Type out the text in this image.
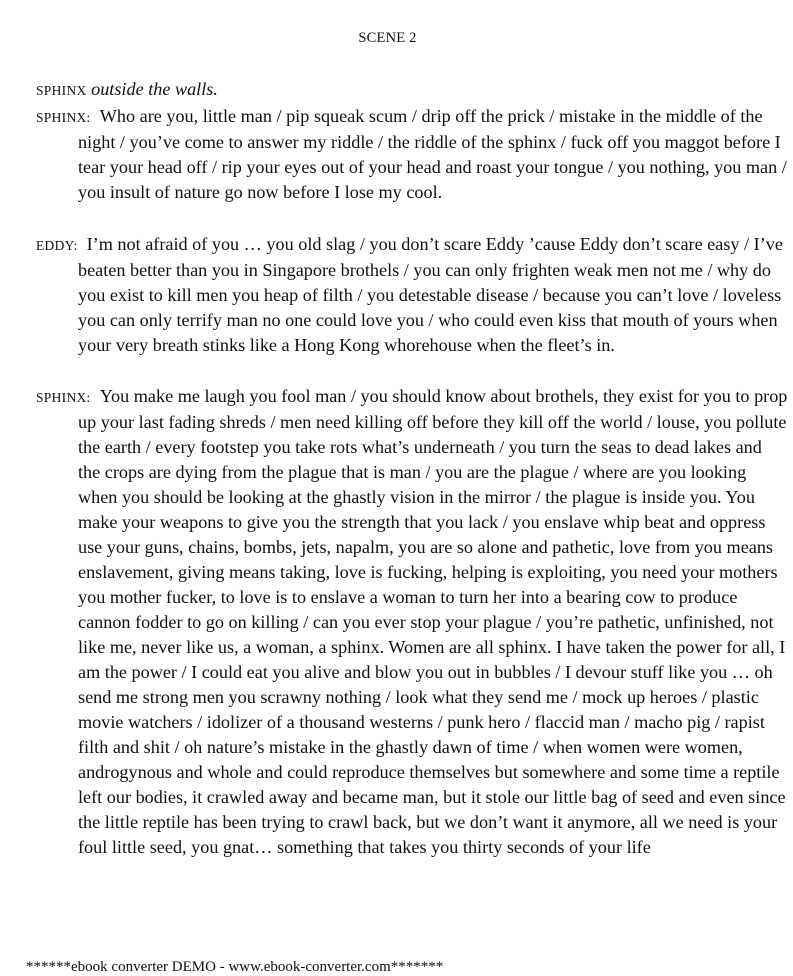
SCENE 2
SPHINX outside the walls.
SPHINX: Who are you, little man / pip squeak scum / drip off the prick / mistake in the middle of the night / you’ve come to answer my riddle / the riddle of the sphinx / fuck off you maggot before I tear your head off / rip your eyes out of your head and roast your tongue / you nothing, you man / you insult of nature go now before I lose my cool.
EDDY: I’m not afraid of you … you old slag / you don’t scare Eddy ’cause Eddy don’t scare easy / I’ve beaten better than you in Singapore brothels / you can only frighten weak men not me / why do you exist to kill men you heap of filth / you detestable disease / because you can’t love / loveless you can only terrify man no one could love you / who could even kiss that mouth of yours when your very breath stinks like a Hong Kong whorehouse when the fleet’s in.
SPHINX: You make me laugh you fool man / you should know about brothels, they exist for you to prop up your last fading shreds / men need killing off before they kill off the world / louse, you pollute the earth / every footstep you take rots what’s underneath / you turn the seas to dead lakes and the crops are dying from the plague that is man / you are the plague / where are you looking when you should be looking at the ghastly vision in the mirror / the plague is inside you. You make your weapons to give you the strength that you lack / you enslave whip beat and oppress use your guns, chains, bombs, jets, napalm, you are so alone and pathetic, love from you means enslavement, giving means taking, love is fucking, helping is exploiting, you need your mothers you mother fucker, to love is to enslave a woman to turn her into a bearing cow to produce cannon fodder to go on killing / can you ever stop your plague / you’re pathetic, unfinished, not like me, never like us, a woman, a sphinx. Women are all sphinx. I have taken the power for all, I am the power / I could eat you alive and blow you out in bubbles / I devour stuff like you … oh send me strong men you scrawny nothing / look what they send me / mock up heroes / plastic movie watchers / idolizer of a thousand westerns / punk hero / flaccid man / macho pig / rapist filth and shit / oh nature’s mistake in the ghastly dawn of time / when women were women, androgynous and whole and could reproduce themselves but somewhere and some time a reptile left our bodies, it crawled away and became man, but it stole our little bag of seed and even since the little reptile has been trying to crawl back, but we don’t want it anymore, all we need is your foul little seed, you gnat… something that takes you thirty seconds of your life
******ebook converter DEMO - www.ebook-converter.com*******
